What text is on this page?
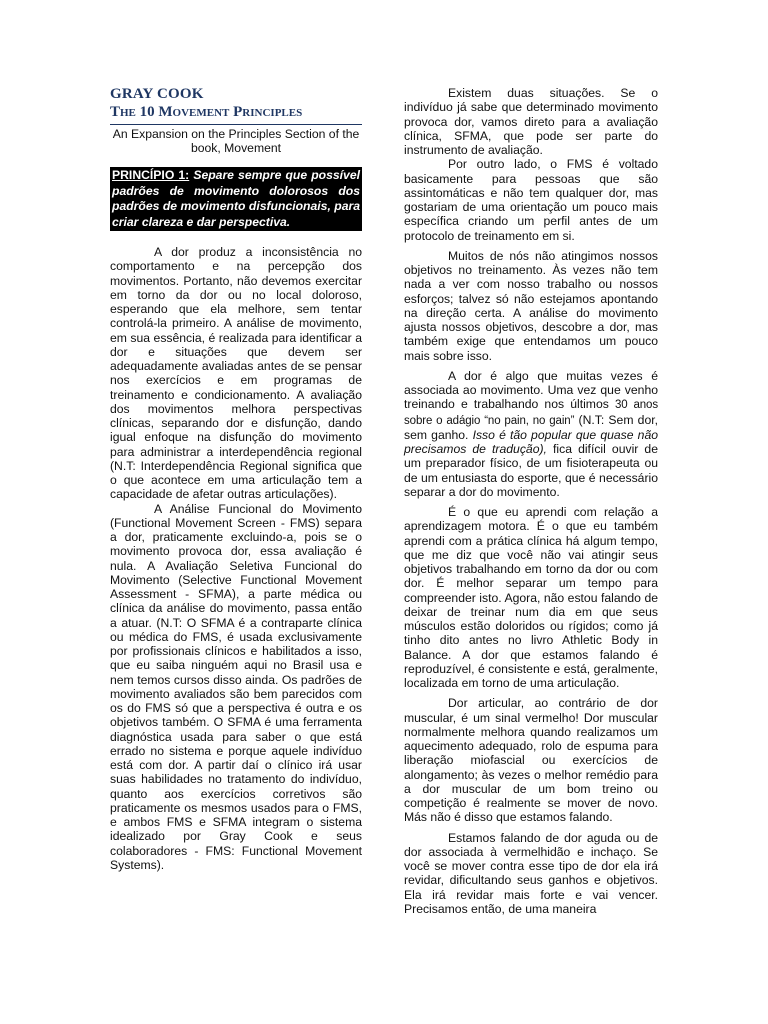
GRAY COOK
The 10 Movement Principles
An Expansion on the Principles Section of the book, Movement
PRINCÍPIO 1: Separe sempre que possível padrões de movimento dolorosos dos padrões de movimento disfuncionais, para criar clareza e dar perspectiva.

A dor produz a inconsistência no comportamento e na percepção dos movimentos. Portanto, não devemos exercitar em torno da dor ou no local doloroso, esperando que ela melhore, sem tentar controlá-la primeiro. A análise de movimento, em sua essência, é realizada para identificar a dor e situações que devem ser adequadamente avaliadas antes de se pensar nos exercícios e em programas de treinamento e condicionamento. A avaliação dos movimentos melhora perspectivas clínicas, separando dor e disfunção, dando igual enfoque na disfunção do movimento para administrar a interdependência regional (N.T: Interdependência Regional significa que o que acontece em uma articulação tem a capacidade de afetar outras articulações).

A Análise Funcional do Movimento (Functional Movement Screen - FMS) separa a dor, praticamente excluindo-a, pois se o movimento provoca dor, essa avaliação é nula. A Avaliação Seletiva Funcional do Movimento (Selective Functional Movement Assessment - SFMA), a parte médica ou clínica da análise do movimento, passa então a atuar. (N.T: O SFMA é a contraparte clínica ou médica do FMS, é usada exclusivamente por profissionais clínicos e habilitados a isso, que eu saiba ninguém aqui no Brasil usa e nem temos cursos disso ainda. Os padrões de movimento avaliados são bem parecidos com os do FMS só que a perspectiva é outra e os objetivos também. O SFMA é uma ferramenta diagnóstica usada para saber o que está errado no sistema e porque aquele indivíduo está com dor. A partir daí o clínico irá usar suas habilidades no tratamento do indivíduo, quanto aos exercícios corretivos são praticamente os mesmos usados para o FMS, e ambos FMS e SFMA integram o sistema idealizado por Gray Cook e seus colaboradores - FMS: Functional Movement Systems).

Existem duas situações. Se o indivíduo já sabe que determinado movimento provoca dor, vamos direto para a avaliação clínica, SFMA, que pode ser parte do instrumento de avaliação.

Por outro lado, o FMS é voltado basicamente para pessoas que são assintomáticas e não tem qualquer dor, mas gostariam de uma orientação um pouco mais específica criando um perfil antes de um protocolo de treinamento em si.

Muitos de nós não atingimos nossos objetivos no treinamento. Às vezes não tem nada a ver com nosso trabalho ou nossos esforços; talvez só não estejamos apontando na direção certa. A análise do movimento ajusta nossos objetivos, descobre a dor, mas também exige que entendamos um pouco mais sobre isso.

A dor é algo que muitas vezes é associada ao movimento. Uma vez que venho treinando e trabalhando nos últimos 30 anos sobre o adágio “no pain, no gain” (N.T: Sem dor, sem ganho. Isso é tão popular que quase não precisamos de tradução), fica difícil ouvir de um preparador físico, de um fisioterapeuta ou de um entusiasta do esporte, que é necessário separar a dor do movimento.

É o que eu aprendi com relação a aprendizagem motora. É o que eu também aprendi com a prática clínica há algum tempo, que me diz que você não vai atingir seus objetivos trabalhando em torno da dor ou com dor. É melhor separar um tempo para compreender isto. Agora, não estou falando de deixar de treinar num dia em que seus músculos estão doloridos ou rígidos; como já tinho dito antes no livro Athletic Body in Balance. A dor que estamos falando é reproduzível, é consistente e está, geralmente, localizada em torno de uma articulação.

Dor articular, ao contrário de dor muscular, é um sinal vermelho! Dor muscular normalmente melhora quando realizamos um aquecimento adequado, rolo de espuma para liberação miofascial ou exercícios de alongamento; às vezes o melhor remédio para a dor muscular de um bom treino ou competição é realmente se mover de novo. Más não é disso que estamos falando.

Estamos falando de dor aguda ou de dor associada à vermelhidão e inchaço. Se você se mover contra esse tipo de dor ela irá revidar, dificultando seus ganhos e objetivos. Ela irá revidar mais forte e vai vencer. Precisamos então, de uma maneira
